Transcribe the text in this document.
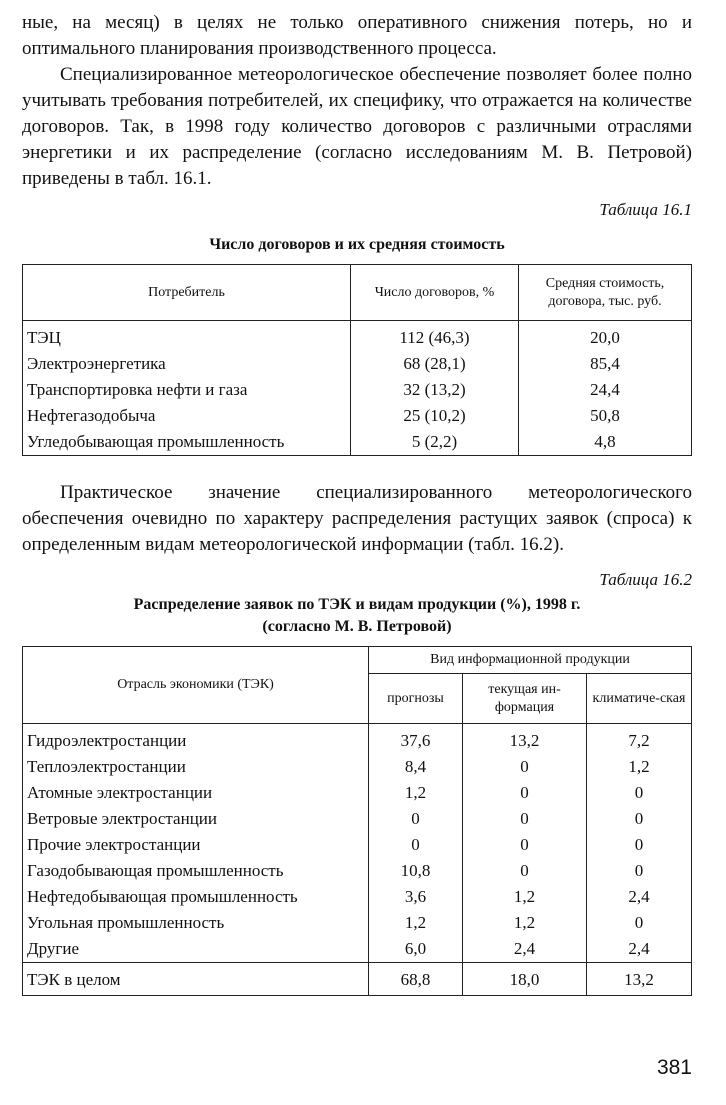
ные, на месяц) в целях не только оперативного снижения потерь, но и оптимального планирования производственного процесса.

Специализированное метеорологическое обеспечение позволяет более полно учитывать требования потребителей, их специфику, что отражается на количестве договоров. Так, в 1998 году количество договоров с различными отраслями энергетики и их распределение (согласно исследованиям М. В. Петровой) приведены в табл. 16.1.

Таблица 16.1
Число договоров и их средняя стоимость
Потребитель	Число договоров, %	Средняя стоимость, договора, тыс. руб.
ТЭЦ	112 (46,3)	20,0
Электроэнергетика	68 (28,1)	85,4
Транспортировка нефти и газа	32 (13,2)	24,4
Нефтегазодобыча	25 (10,2)	50,8
Угледобывающая промышленность	5 (2,2)	4,8

Практическое значение специализированного метеорологического обеспечения очевидно по характеру распределения растущих заявок (спроса) к определенным видам метеорологической информации (табл. 16.2).

Таблица 16.2
Распределение заявок по ТЭК и видам продукции (%), 1998 г.
(согласно М. В. Петровой)
Отрасль экономики (ТЭК)	Вид информационной продукции		
	прогнозы	текущая ин-формация	климатиче-ская
Гидроэлектростанции	37,6	13,2	7,2
Теплоэлектростанции	8,4	0	1,2
Атомные электростанции	1,2	0	0
Ветровые электростанции	0	0	0
Прочие электростанции	0	0	0
Газодобывающая промышленность	10,8	0	0
Нефтедобывающая промышленность	3,6	1,2	2,4
Угольная промышленность	1,2	1,2	0
Другие	6,0	2,4	2,4
ТЭК в целом	68,8	18,0	13,2
381
